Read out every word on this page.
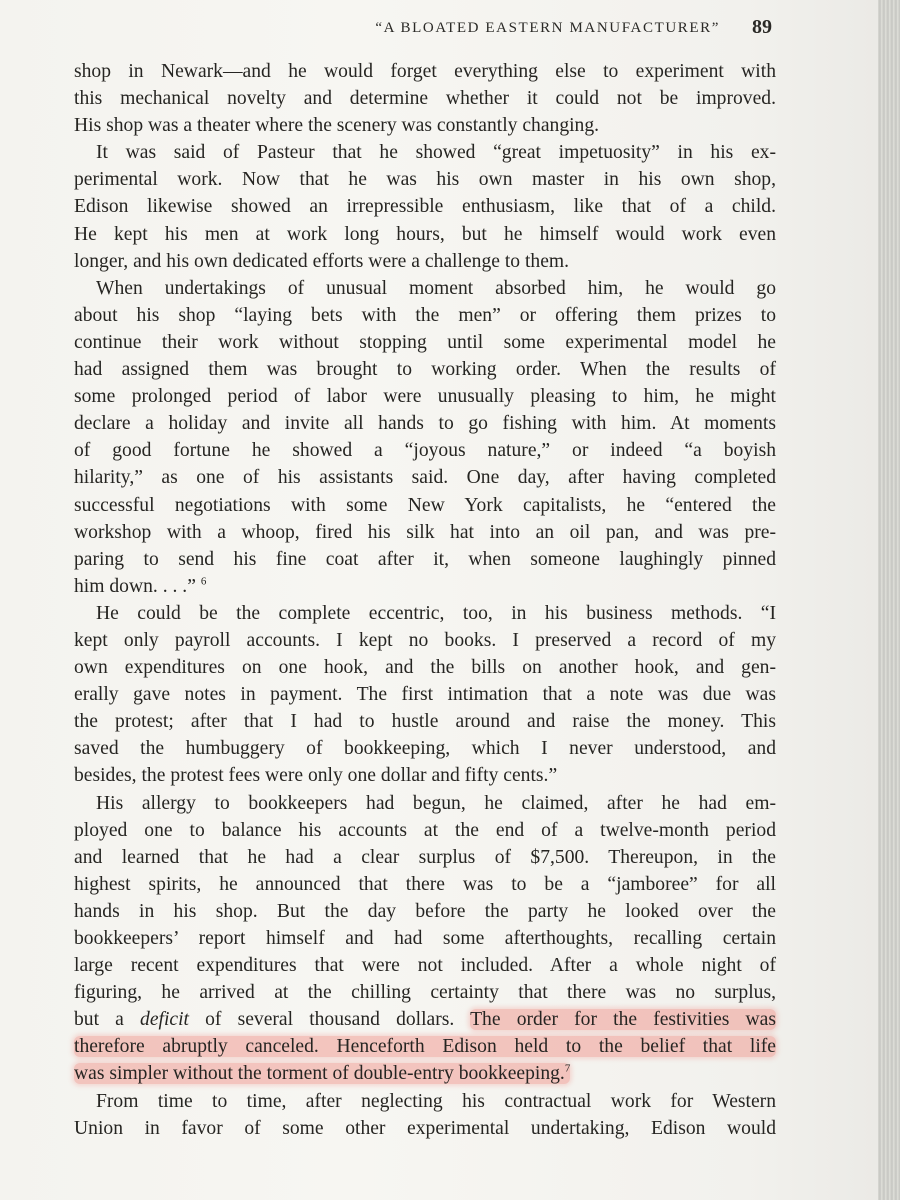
“A BLOATED EASTERN MANUFACTURER” 89
shop in Newark—and he would forget everything else to experiment with
this mechanical novelty and determine whether it could not be improved.
His shop was a theater where the scenery was constantly changing.
It was said of Pasteur that he showed “great impetuosity” in his ex-
perimental work. Now that he was his own master in his own shop,
Edison likewise showed an irrepressible enthusiasm, like that of a child.
He kept his men at work long hours, but he himself would work even
longer, and his own dedicated efforts were a challenge to them.
When undertakings of unusual moment absorbed him, he would go
about his shop “laying bets with the men” or offering them prizes to
continue their work without stopping until some experimental model he
had assigned them was brought to working order. When the results of
some prolonged period of labor were unusually pleasing to him, he might
declare a holiday and invite all hands to go fishing with him. At moments
of good fortune he showed a “joyous nature,” or indeed “a boyish
hilarity,” as one of his assistants said. One day, after having completed
successful negotiations with some New York capitalists, he “entered the
workshop with a whoop, fired his silk hat into an oil pan, and was pre-
paring to send his fine coat after it, when someone laughingly pinned
him down. . . .” $^6$
He could be the complete eccentric, too, in his business methods. “I
kept only payroll accounts. I kept no books. I preserved a record of my
own expenditures on one hook, and the bills on another hook, and gen-
erally gave notes in payment. The first intimation that a note was due was
the protest; after that I had to hustle around and raise the money. This
saved the humbuggery of bookkeeping, which I never understood, and
besides, the protest fees were only one dollar and fifty cents.”
His allergy to bookkeepers had begun, he claimed, after he had em-
ployed one to balance his accounts at the end of a twelve-month period
and learned that he had a clear surplus of $7,500. Thereupon, in the
highest spirits, he announced that there was to be a “jamboree” for all
hands in his shop. But the day before the party he looked over the
bookkeepers’ report himself and had some afterthoughts, recalling certain
large recent expenditures that were not included. After a whole night of
figuring, he arrived at the chilling certainty that there was no surplus,
but a deficit of several thousand dollars. The order for the festivities was
therefore abruptly canceled. Henceforth Edison held to the belief that life
was simpler without the torment of double-entry bookkeeping.$^7$
From time to time, after neglecting his contractual work for Western
Union in favor of some other experimental undertaking, Edison would
